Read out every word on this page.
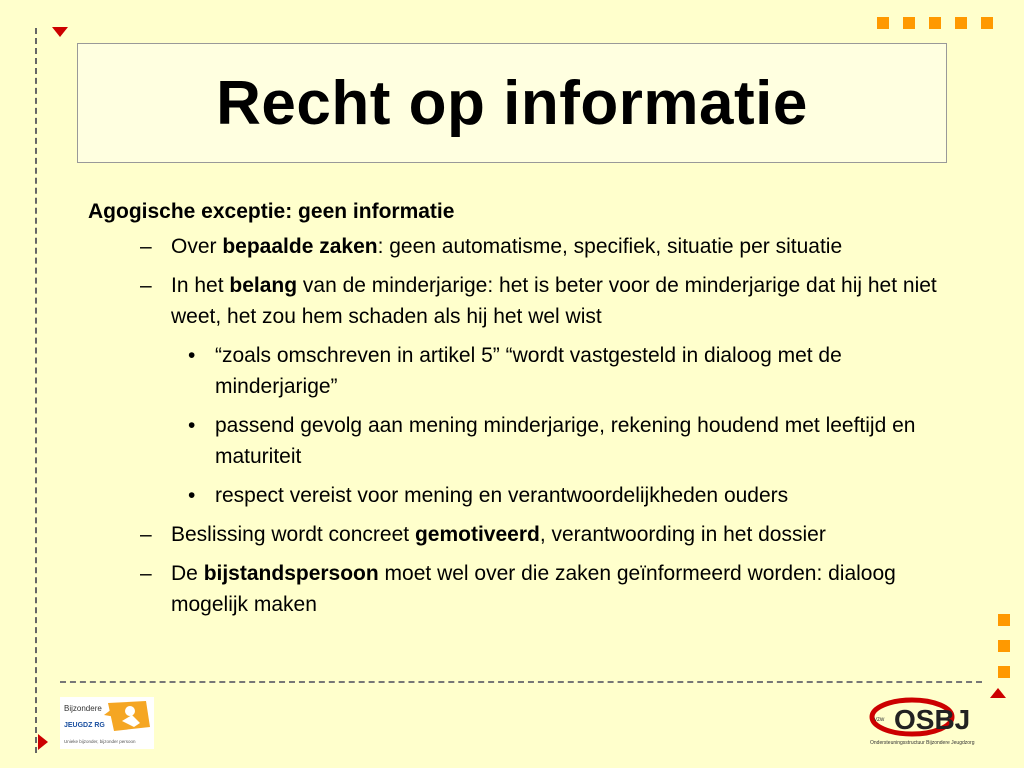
Recht op informatie
Agogische exceptie: geen informatie
– Over bepaalde zaken: geen automatisme, specifiek, situatie per situatie
– In het belang van de minderjarige: het is beter voor de minderjarige dat hij het niet weet, het zou hem schaden als hij het wel wist
• “zoals omschreven in artikel 5” “wordt vastgesteld in dialoog met de minderjarige”
• passend gevolg aan mening minderjarige, rekening houdend met leeftijd en maturiteit
• respect vereist voor mening en verantwoordelijkheden ouders
– Beslissing wordt concreet gemotiveerd, verantwoording in het dossier
– De bijstandspersoon moet wel over die zaken geïnformeerd worden: dialoog mogelijk maken
Bijzondere
JEUGDZ RG
Unieke bijzonder, bijzonder persoon
vzw OSBJ
Ondersteuningsstructuur Bijzondere Jeugdzorg
